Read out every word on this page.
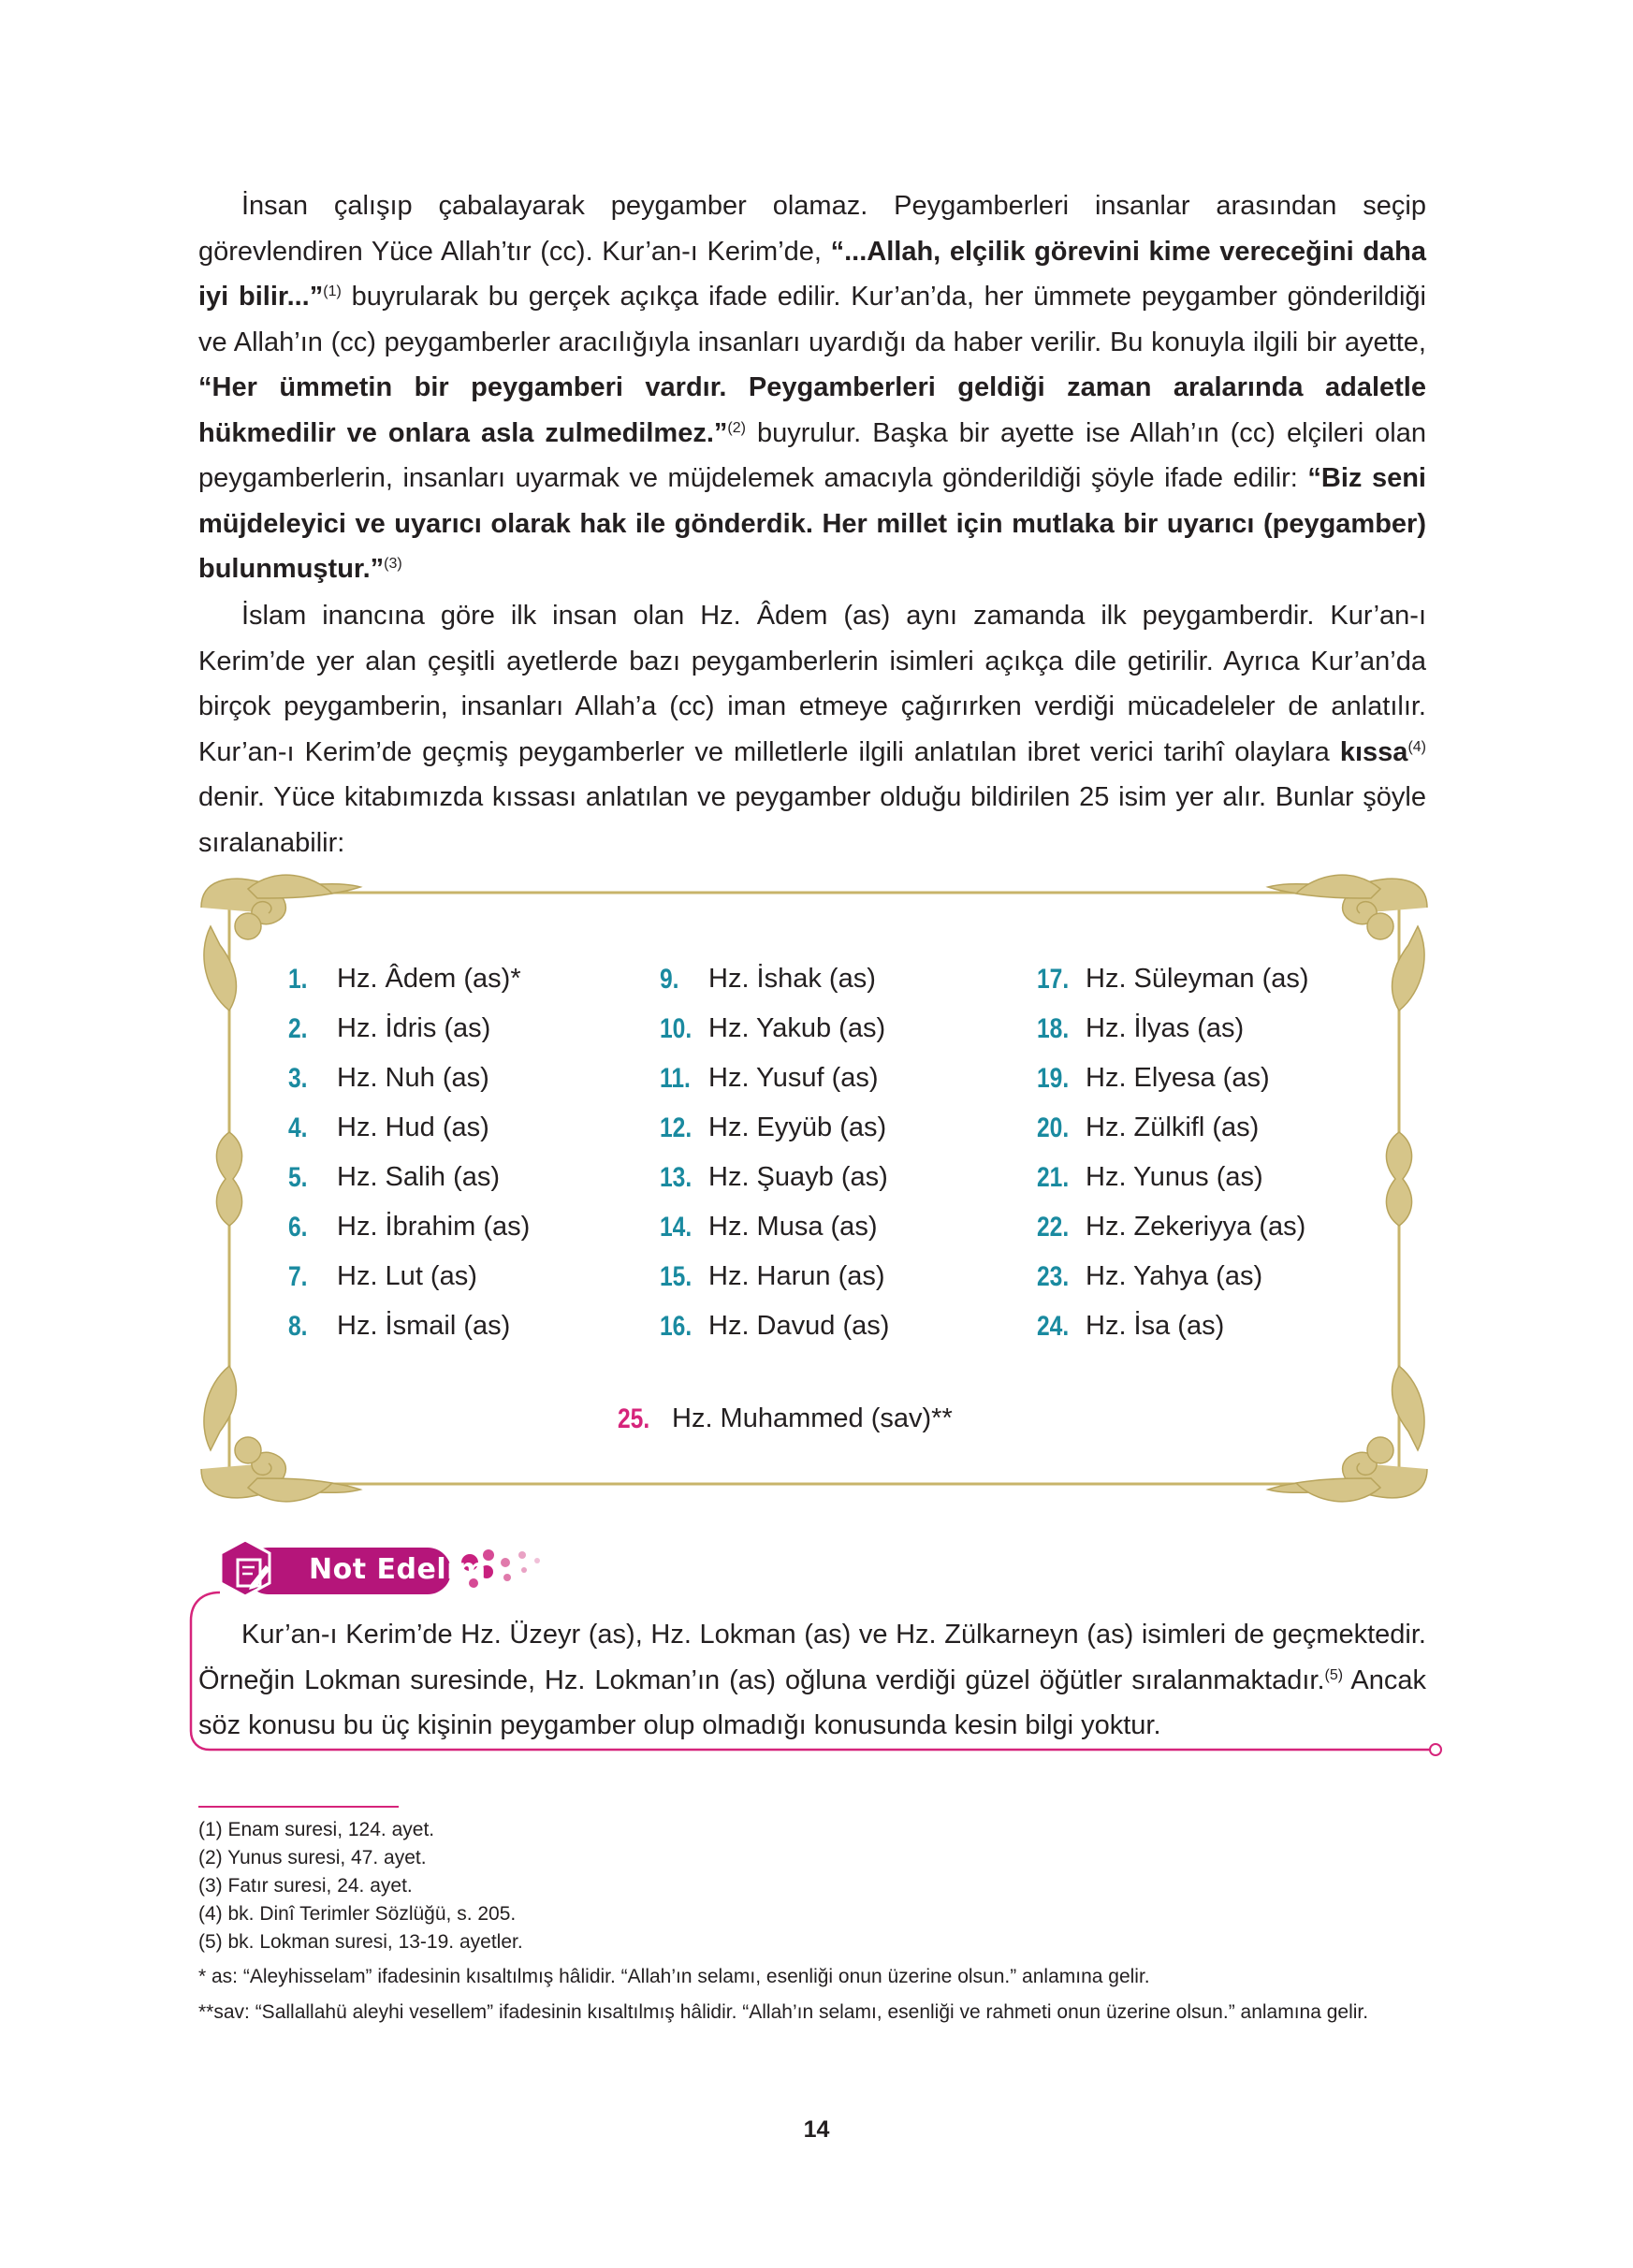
İnsan çalışıp çabalayarak peygamber olamaz. Peygamberleri insanlar arasından seçip görevlendiren Yüce Allah’tır (cc). Kur’an-ı Kerim’de, “...Allah, elçilik görevini kime vereceğini daha iyi bilir...”$^{(1)}$ buyrularak bu gerçek açıkça ifade edilir. Kur’an’da, her ümmete peygamber gönderildiği ve Allah’ın (cc) peygamberler aracılığıyla insanları uyardığı da haber verilir. Bu konuyla ilgili bir ayette, “Her ümmetin bir peygamberi vardır. Peygamberleri geldiği zaman aralarında adaletle hükmedilir ve onlara asla zulmedilmez.”$^{(2)}$ buyrulur. Başka bir ayette ise Allah’ın (cc) elçileri olan peygamberlerin, insanları uyarmak ve müjdelemek amacıyla gönderildiği şöyle ifade edilir: “Biz seni müjdeleyici ve uyarıcı olarak hak ile gönderdik. Her millet için mutlaka bir uyarıcı (peygamber) bulunmuştur.”$^{(3)}$

İslam inancına göre ilk insan olan Hz. Âdem (as) aynı zamanda ilk peygamberdir. Kur’an-ı Kerim’de yer alan çeşitli ayetlerde bazı peygamberlerin isimleri açıkça dile getirilir. Ayrıca Kur’an’da birçok peygamberin, insanları Allah’a (cc) iman etmeye çağırırken verdiği mücadeleler de anlatılır. Kur’an-ı Kerim’de geçmiş peygamberler ve milletlerle ilgili anlatılan ibret verici tarihî olaylara kıssa$^{(4)}$ denir. Yüce kitabımızda kıssası anlatılan ve peygamber olduğu bildirilen 25 isim yer alır. Bunlar şöyle sıralanabilir:

1. Hz. Âdem (as)*
2. Hz. İdris (as)
3. Hz. Nuh (as)
4. Hz. Hud (as)
5. Hz. Salih (as)
6. Hz. İbrahim (as)
7. Hz. Lut (as)
8. Hz. İsmail (as)
9. Hz. İshak (as)
10. Hz. Yakub (as)
11. Hz. Yusuf (as)
12. Hz. Eyyüb (as)
13. Hz. Şuayb (as)
14. Hz. Musa (as)
15. Hz. Harun (as)
16. Hz. Davud (as)
17. Hz. Süleyman (as)
18. Hz. İlyas (as)
19. Hz. Elyesa (as)
20. Hz. Zülkifl (as)
21. Hz. Yunus (as)
22. Hz. Zekeriyya (as)
23. Hz. Yahya (as)
24. Hz. İsa (as)
25. Hz. Muhammed (sav)**
Not Edelim

Kur’an-ı Kerim’de Hz. Üzeyr (as), Hz. Lokman (as) ve Hz. Zülkarneyn (as) isimleri de geçmektedir. Örneğin Lokman suresinde, Hz. Lokman’ın (as) oğluna verdiği güzel öğütler sıralanmaktadır.$^{(5)}$ Ancak söz konusu bu üç kişinin peygamber olup olmadığı konusunda kesin bilgi yoktur.

(1) Enam suresi, 124. ayet.
(2) Yunus suresi, 47. ayet.
(3) Fatır suresi, 24. ayet.
(4) bk. Dinî Terimler Sözlüğü, s. 205.
(5) bk. Lokman suresi, 13-19. ayetler.
* as: “Aleyhisselam” ifadesinin kısaltılmış hâlidir. “Allah’ın selamı, esenliği onun üzerine olsun.” anlamına gelir.
**sav: “Sallallahü aleyhi vesellem” ifadesinin kısaltılmış hâlidir. “Allah’ın selamı, esenliği ve rahmeti onun üzerine olsun.” anlamına gelir.
14
